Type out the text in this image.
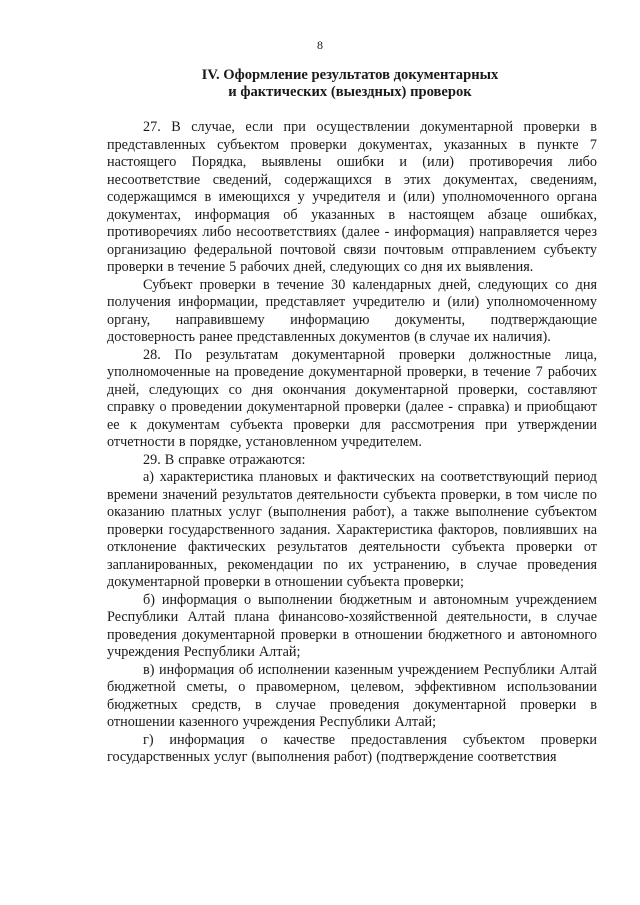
8
IV. Оформление результатов документарных
и фактических (выездных) проверок

27. В случае, если при осуществлении документарной проверки в представленных субъектом проверки документах, указанных в пункте 7 настоящего Порядка, выявлены ошибки и (или) противоречия либо несоответствие сведений, содержащихся в этих документах, сведениям, содержащимся в имеющихся у учредителя и (или) уполномоченного органа документах, информация об указанных в настоящем абзаце ошибках, противоречиях либо несоответствиях (далее - информация) направляется через организацию федеральной почтовой связи почтовым отправлением субъекту проверки в течение 5 рабочих дней, следующих со дня их выявления.

Субъект проверки в течение 30 календарных дней, следующих со дня получения информации, представляет учредителю и (или) уполномоченному органу, направившему информацию документы, подтверждающие достоверность ранее представленных документов (в случае их наличия).

28. По результатам документарной проверки должностные лица, уполномоченные на проведение документарной проверки, в течение 7 рабочих дней, следующих со дня окончания документарной проверки, составляют справку о проведении документарной проверки (далее - справка) и приобщают ее к документам субъекта проверки для рассмотрения при утверждении отчетности в порядке, установленном учредителем.

29. В справке отражаются:

а) характеристика плановых и фактических на соответствующий период времени значений результатов деятельности субъекта проверки, в том числе по оказанию платных услуг (выполнения работ), а также выполнение субъектом проверки государственного задания. Характеристика факторов, повлиявших на отклонение фактических результатов деятельности субъекта проверки от запланированных, рекомендации по их устранению, в случае проведения документарной проверки в отношении субъекта проверки;

б) информация о выполнении бюджетным и автономным учреждением Республики Алтай плана финансово-хозяйственной деятельности, в случае проведения документарной проверки в отношении бюджетного и автономного учреждения Республики Алтай;

в) информация об исполнении казенным учреждением Республики Алтай бюджетной сметы, о правомерном, целевом, эффективном использовании бюджетных средств, в случае проведения документарной проверки в отношении казенного учреждения Республики Алтай;

г) информация о качестве предоставления субъектом проверки государственных услуг (выполнения работ) (подтверждение соответствия
